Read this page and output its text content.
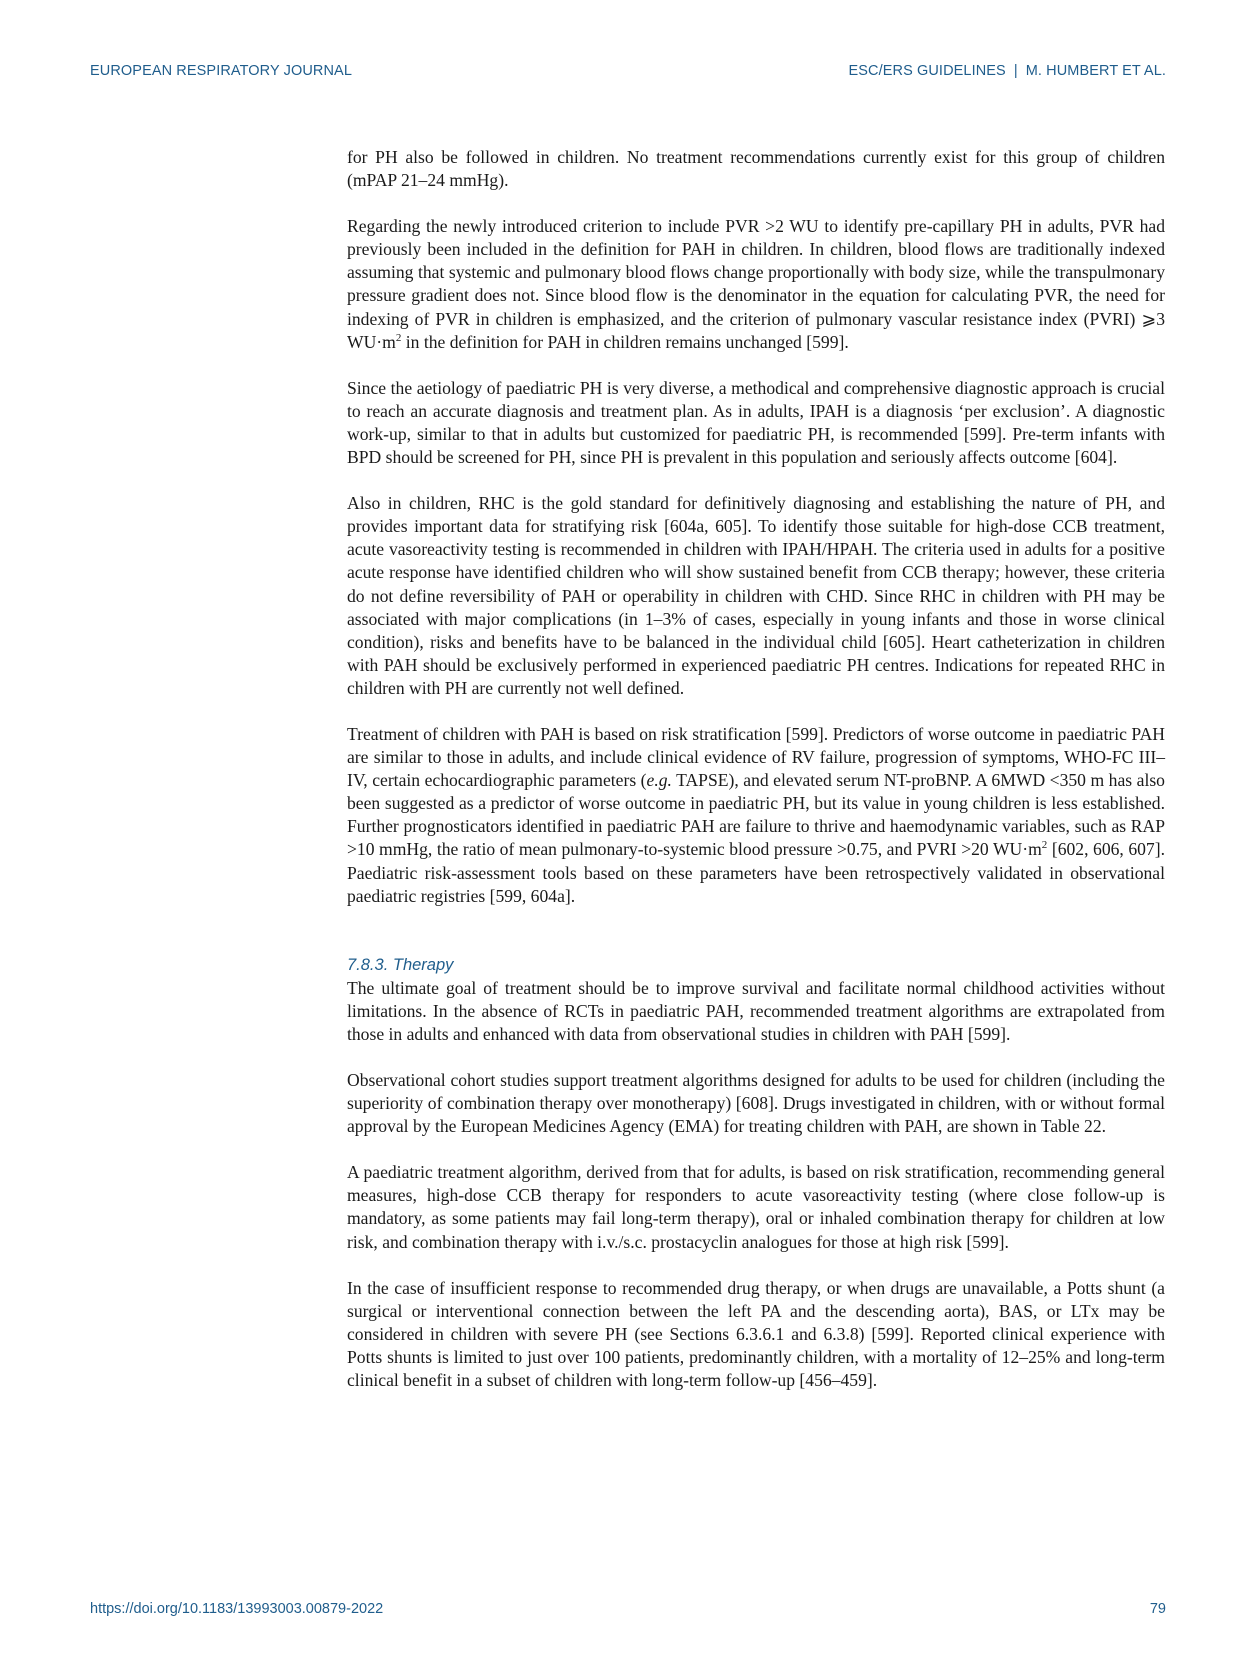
EUROPEAN RESPIRATORY JOURNAL	ESC/ERS GUIDELINES | M. HUMBERT ET AL.

for PH also be followed in children. No treatment recommendations currently exist for this group of children (mPAP 21–24 mmHg).

Regarding the newly introduced criterion to include PVR >2 WU to identify pre-capillary PH in adults, PVR had previously been included in the definition for PAH in children. In children, blood flows are traditionally indexed assuming that systemic and pulmonary blood flows change proportionally with body size, while the transpulmonary pressure gradient does not. Since blood flow is the denominator in the equation for calculating PVR, the need for indexing of PVR in children is emphasized, and the criterion of pulmonary vascular resistance index (PVRI) ⩾3 $WU\cdot m^2$ in the definition for PAH in children remains unchanged [599].

Since the aetiology of paediatric PH is very diverse, a methodical and comprehensive diagnostic approach is crucial to reach an accurate diagnosis and treatment plan. As in adults, IPAH is a diagnosis ‘per exclusion’. A diagnostic work-up, similar to that in adults but customized for paediatric PH, is recommended [599]. Pre-term infants with BPD should be screened for PH, since PH is prevalent in this population and seriously affects outcome [604].

Also in children, RHC is the gold standard for definitively diagnosing and establishing the nature of PH, and provides important data for stratifying risk [604a, 605]. To identify those suitable for high-dose CCB treatment, acute vasoreactivity testing is recommended in children with IPAH/HPAH. The criteria used in adults for a positive acute response have identified children who will show sustained benefit from CCB therapy; however, these criteria do not define reversibility of PAH or operability in children with CHD. Since RHC in children with PH may be associated with major complications (in 1–3% of cases, especially in young infants and those in worse clinical condition), risks and benefits have to be balanced in the individual child [605]. Heart catheterization in children with PAH should be exclusively performed in experienced paediatric PH centres. Indications for repeated RHC in children with PH are currently not well defined.

Treatment of children with PAH is based on risk stratification [599]. Predictors of worse outcome in paediatric PAH are similar to those in adults, and include clinical evidence of RV failure, progression of symptoms, WHO-FC III–IV, certain echocardiographic parameters (e.g. TAPSE), and elevated serum NT-proBNP. A 6MWD <350 m has also been suggested as a predictor of worse outcome in paediatric PH, but its value in young children is less established. Further prognosticators identified in paediatric PAH are failure to thrive and haemodynamic variables, such as RAP >10 mmHg, the ratio of mean pulmonary-to-systemic blood pressure >0.75, and PVRI >20 $WU\cdot m^2$ [602, 606, 607]. Paediatric risk-assessment tools based on these parameters have been retrospectively validated in observational paediatric registries [599, 604a].

7.8.3. Therapy

The ultimate goal of treatment should be to improve survival and facilitate normal childhood activities without limitations. In the absence of RCTs in paediatric PAH, recommended treatment algorithms are extrapolated from those in adults and enhanced with data from observational studies in children with PAH [599].

Observational cohort studies support treatment algorithms designed for adults to be used for children (including the superiority of combination therapy over monotherapy) [608]. Drugs investigated in children, with or without formal approval by the European Medicines Agency (EMA) for treating children with PAH, are shown in Table 22.

A paediatric treatment algorithm, derived from that for adults, is based on risk stratification, recommending general measures, high-dose CCB therapy for responders to acute vasoreactivity testing (where close follow-up is mandatory, as some patients may fail long-term therapy), oral or inhaled combination therapy for children at low risk, and combination therapy with i.v./s.c. prostacyclin analogues for those at high risk [599].

In the case of insufficient response to recommended drug therapy, or when drugs are unavailable, a Potts shunt (a surgical or interventional connection between the left PA and the descending aorta), BAS, or LTx may be considered in children with severe PH (see Sections 6.3.6.1 and 6.3.8) [599]. Reported clinical experience with Potts shunts is limited to just over 100 patients, predominantly children, with a mortality of 12–25% and long-term clinical benefit in a subset of children with long-term follow-up [456–459].

https://doi.org/10.1183/13993003.00879-2022	79
